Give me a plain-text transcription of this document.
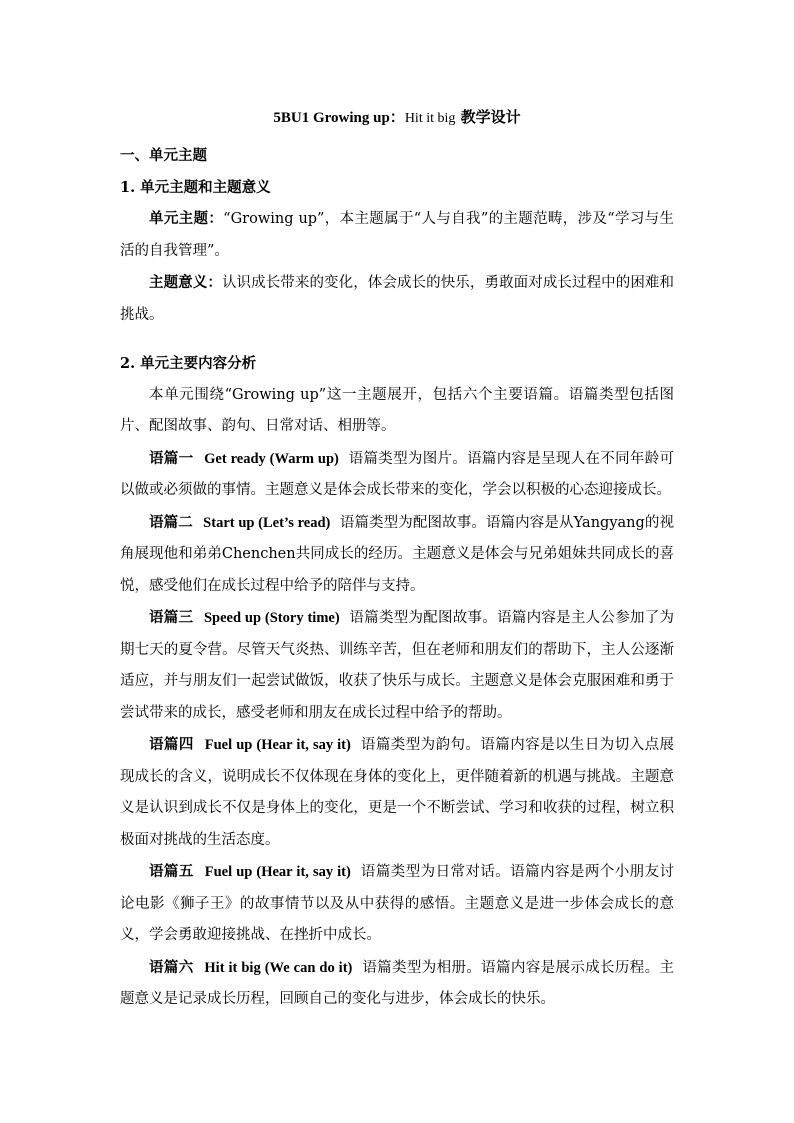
5BU1 Growing up：Hit it big 教学设计

一、单元主题

1. 单元主题和主题意义

单元主题：“Growing up”，本主题属于“人与自我”的主题范畴，涉及“学习与生活的自我管理”。

主题意义：认识成长带来的变化，体会成长的快乐，勇敢面对成长过程中的困难和挑战。

2. 单元主要内容分析

本单元围绕“Growing up”这一主题展开，包括六个主要语篇。语篇类型包括图片、配图故事、韵句、日常对话、相册等。

语篇一 Get ready (Warm up) 语篇类型为图片。语篇内容是呈现人在不同年龄可以做或必须做的事情。主题意义是体会成长带来的变化，学会以积极的心态迎接成长。

语篇二 Start up (Let’s read) 语篇类型为配图故事。语篇内容是从Yangyang的视角展现他和弟弟Chenchen共同成长的经历。主题意义是体会与兄弟姐妹共同成长的喜悦，感受他们在成长过程中给予的陪伴与支持。

语篇三 Speed up (Story time) 语篇类型为配图故事。语篇内容是主人公参加了为期七天的夏令营。尽管天气炎热、训练辛苦，但在老师和朋友们的帮助下，主人公逐渐适应，并与朋友们一起尝试做饭，收获了快乐与成长。主题意义是体会克服困难和勇于尝试带来的成长，感受老师和朋友在成长过程中给予的帮助。

语篇四 Fuel up (Hear it, say it) 语篇类型为韵句。语篇内容是以生日为切入点展现成长的含义，说明成长不仅体现在身体的变化上，更伴随着新的机遇与挑战。主题意义是认识到成长不仅是身体上的变化，更是一个不断尝试、学习和收获的过程，树立积极面对挑战的生活态度。

语篇五 Fuel up (Hear it, say it) 语篇类型为日常对话。语篇内容是两个小朋友讨论电影《狮子王》的故事情节以及从中获得的感悟。主题意义是进一步体会成长的意义，学会勇敢迎接挑战、在挫折中成长。

语篇六 Hit it big (We can do it) 语篇类型为相册。语篇内容是展示成长历程。主题意义是记录成长历程，回顾自己的变化与进步，体会成长的快乐。
